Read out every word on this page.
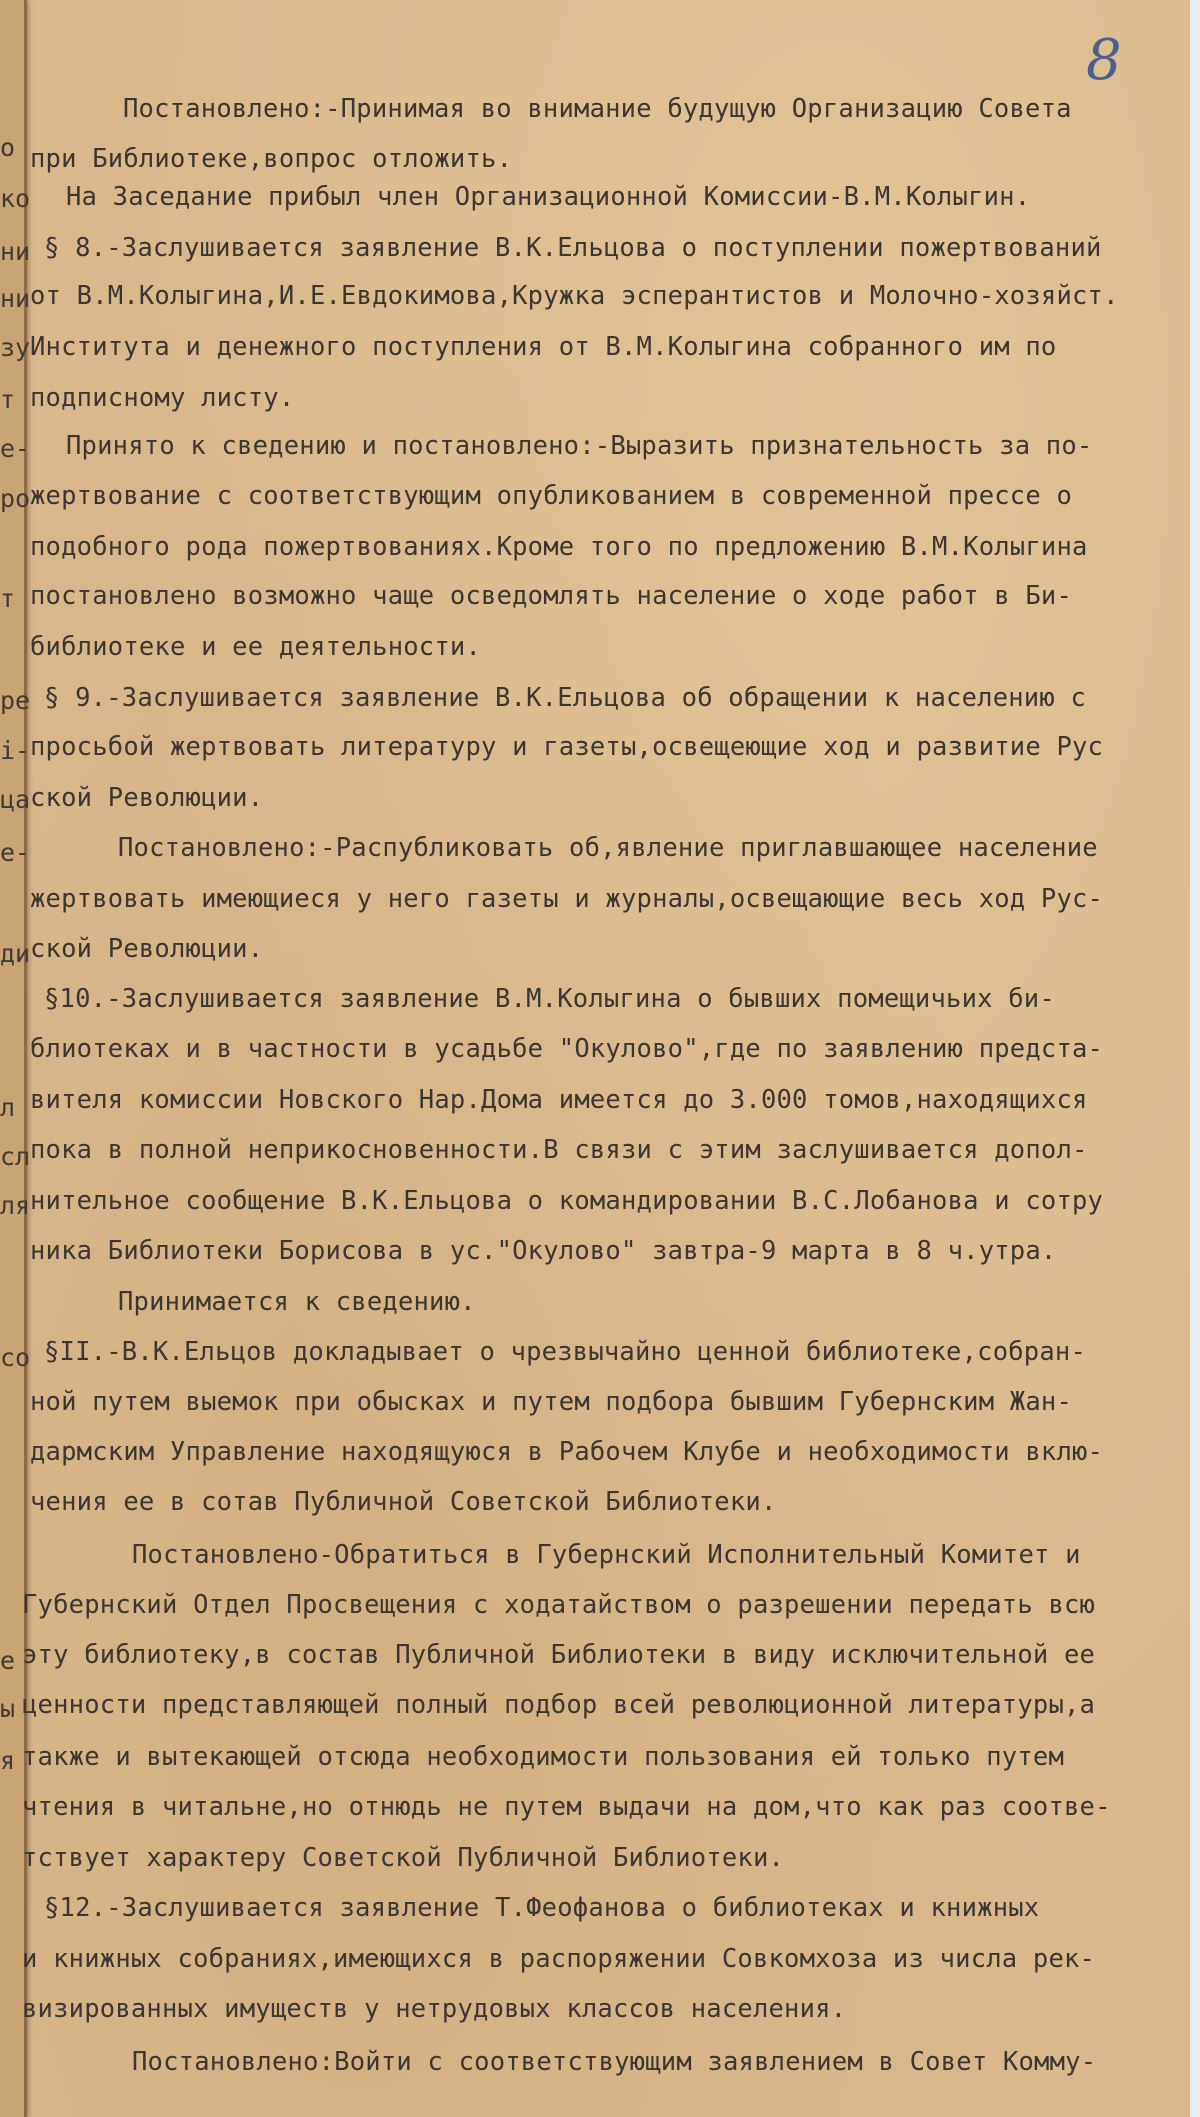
о
ко
ни
ни
зу
т
е-
ро
т
ре
і-
ца
е-
ди
л
сл
ля
со
е
ы
я
8
Постановлено:-Принимая во внимание будущую Организацию Совета
при Библиотеке,вопрос отложить.
На Заседание прибыл член Организационной Комиссии-В.М.Колыгин.
§ 8.-Заслушивается заявление В.К.Ельцова о поступлении пожертвований
от В.М.Колыгина,И.Е.Евдокимова,Кружка эсперантистов и Молочно-хозяйст.
Института и денежного поступления от В.М.Колыгина собранного им по
подписному листу.
Принято к сведению и постановлено:-Выразить признательность за по-
жертвование с соответствующим опубликованием в современной прессе о
подобного рода пожертвованиях.Кроме того по предложению В.М.Колыгина
постановлено возможно чаще осведомлять население о ходе работ в Би-
библиотеке и ее деятельности.
§ 9.-Заслушивается заявление В.К.Ельцова об обращении к населению с
просьбой жертвовать литературу и газеты,освещеющие ход и развитие Рус
ской Революции.
Постановлено:-Распубликовать об,явление приглавшающее население
жертвовать имеющиеся у него газеты и журналы,освещающие весь ход Рус-
ской Революции.
§10.-Заслушивается заявление В.М.Колыгина о бывших помещичьих би-
блиотеках и в частности в усадьбе "Окулово",где по заявлению предста-
вителя комиссии Новского Нар.Дома имеется до 3.000 томов,находящихся
пока в полной неприкосновенности.В связи с этим заслушивается допол-
нительное сообщение В.К.Ельцова о командировании В.С.Лобанова и сотру
ника Библиотеки Борисова в ус."Окулово" завтра-9 марта в 8 ч.утра.
Принимается к сведению.
§II.-В.К.Ельцов докладывает о чрезвычайно ценной библиотеке,собран-
ной путем выемок при обысках и путем подбора бывшим Губернским Жан-
дармским Управление находящуюся в Рабочем Клубе и необходимости вклю-
чения ее в сотав Публичной Советской Библиотеки.
Постановлено-Обратиться в Губернский Исполнительный Комитет и
Губернский Отдел Просвещения с ходатайством о разрешении передать всю
эту библиотеку,в состав Публичной Библиотеки в виду исключительной ее
ценности представляющей полный подбор всей революционной литературы,а
также и вытекающей отсюда необходимости пользования ей только путем
чтения в читальне,но отнюдь не путем выдачи на дом,что как раз соотве-
тствует характеру Советской Публичной Библиотеки.
§12.-Заслушивается заявление Т.Феофанова о библиотеках и книжных
и книжных собраниях,имеющихся в распоряжении Совкомхоза из числа рек-
визированных имуществ у нетрудовых классов населения.
Постановлено:Войти с соответствующим заявлением в Совет Комму-
